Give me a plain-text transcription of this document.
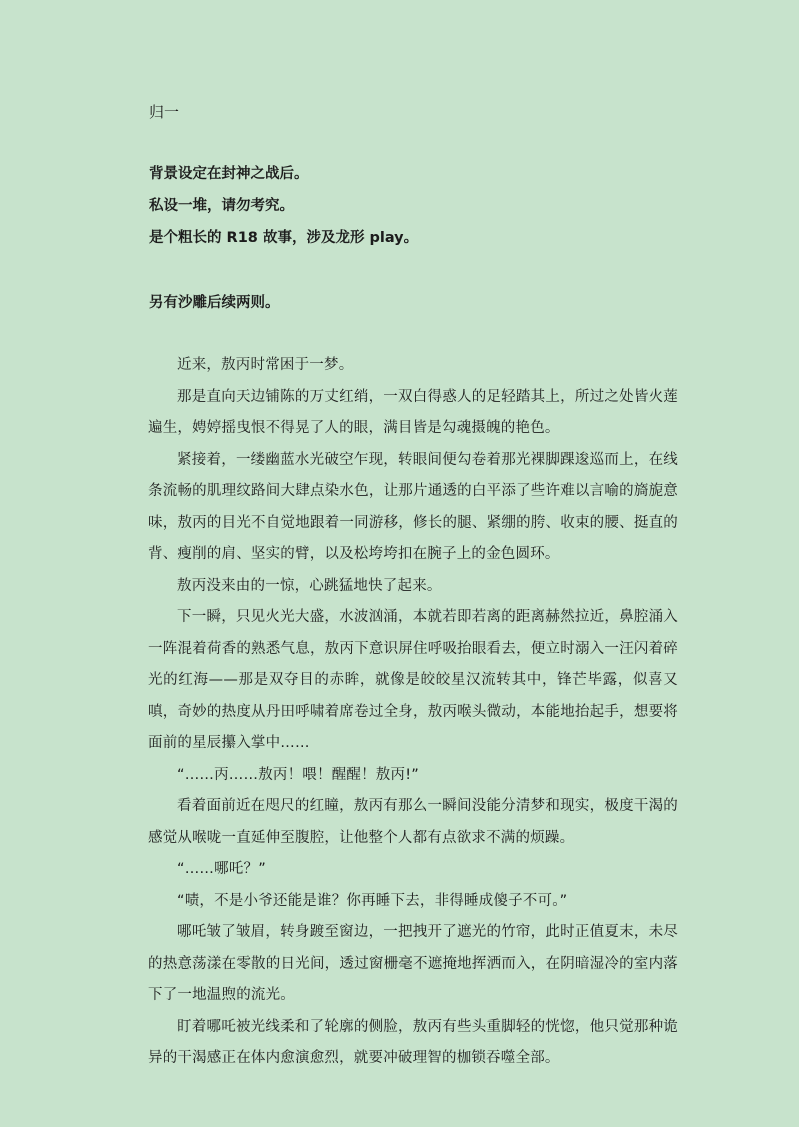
归一
背景设定在封神之战后。
私设一堆，请勿考究。
是个粗长的 R18 故事，涉及龙形 play。
另有沙雕后续两则。

近来，敖丙时常困于一梦。

那是直向天边铺陈的万丈红绡，一双白得惑人的足轻踏其上，所过之处皆火莲遍生，娉婷摇曳恨不得晃了人的眼，满目皆是勾魂摄魄的艳色。

紧接着，一缕幽蓝水光破空乍现，转眼间便勾卷着那光裸脚踝逡巡而上，在线条流畅的肌理纹路间大肆点染水色，让那片通透的白平添了些许难以言喻的旖旎意味，敖丙的目光不自觉地跟着一同游移，修长的腿、紧绷的胯、收束的腰、挺直的背、瘦削的肩、坚实的臂，以及松垮垮扣在腕子上的金色圆环。

敖丙没来由的一惊，心跳猛地快了起来。

下一瞬，只见火光大盛，水波汹涌，本就若即若离的距离赫然拉近，鼻腔涌入一阵混着荷香的熟悉气息，敖丙下意识屏住呼吸抬眼看去，便立时溺入一汪闪着碎光的红海——那是双夺目的赤眸，就像是皎皎星汉流转其中，锋芒毕露，似喜又嗔，奇妙的热度从丹田呼啸着席卷过全身，敖丙喉头微动，本能地抬起手，想要将面前的星辰攥入掌中……

“……丙……敖丙！喂！醒醒！敖丙!”

看着面前近在咫尺的红瞳，敖丙有那么一瞬间没能分清梦和现实，极度干渴的感觉从喉咙一直延伸至腹腔，让他整个人都有点欲求不满的烦躁。

“……哪吒？”

“啧，不是小爷还能是谁？你再睡下去，非得睡成傻子不可。”

哪吒皱了皱眉，转身踱至窗边，一把拽开了遮光的竹帘，此时正值夏末，未尽的热意荡漾在零散的日光间，透过窗栅毫不遮掩地挥洒而入，在阴暗湿冷的室内落下了一地温煦的流光。

盯着哪吒被光线柔和了轮廓的侧脸，敖丙有些头重脚轻的恍惚，他只觉那种诡异的干渴感正在体内愈演愈烈，就要冲破理智的枷锁吞噬全部。
